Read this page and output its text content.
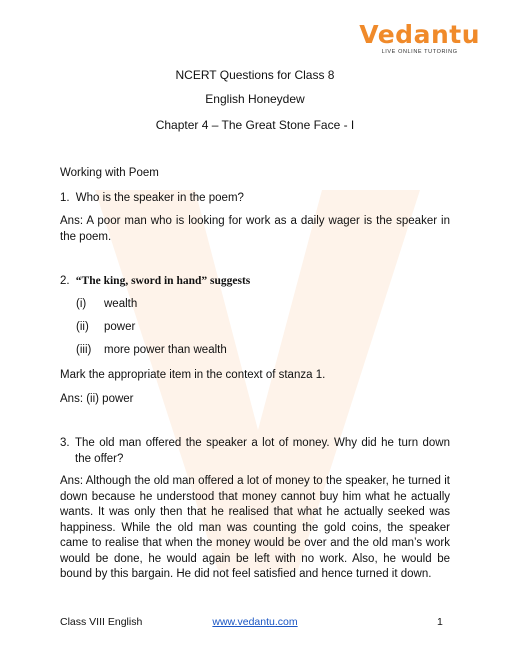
Vedantu
LIVE ONLINE TUTORING
NCERT Questions for Class 8
English Honeydew
Chapter 4 – The Great Stone Face - I
Working with Poem
1. Who is the speaker in the poem?
Ans: A poor man who is looking for work as a daily wager is the speaker in the poem.
2. “The king, sword in hand” suggests
(i) wealth
(ii) power
(iii) more power than wealth
Mark the appropriate item in the context of stanza 1.
Ans: (ii) power
3. The old man offered the speaker a lot of money. Why did he turn down the offer?
Ans: Although the old man offered a lot of money to the speaker, he turned it down because he understood that money cannot buy him what he actually wants. It was only then that he realised that what he actually seeked was happiness. While the old man was counting the gold coins, the speaker came to realise that when the money would be over and the old man’s work would be done, he would again be left with no work. Also, he would be bound by this bargain. He did not feel satisfied and hence turned it down.
Class VIII English	www.vedantu.com	1
